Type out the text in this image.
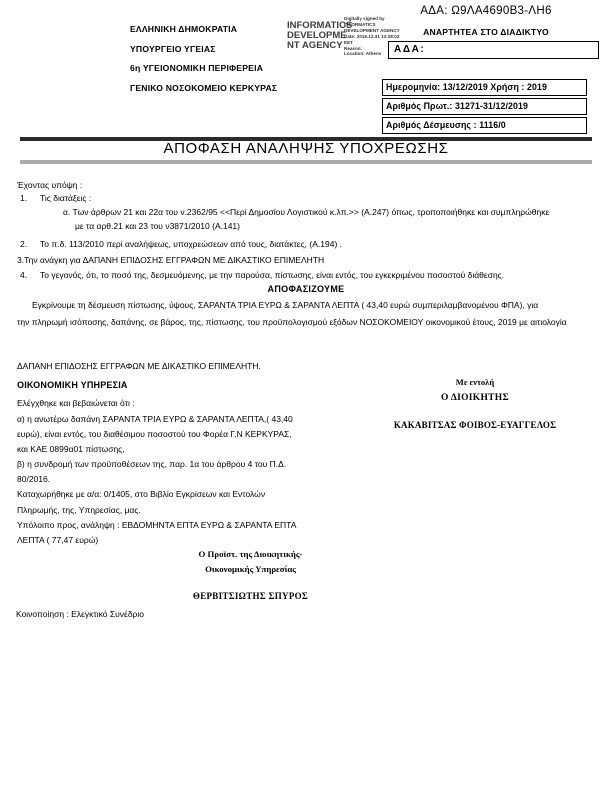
ΕΛΛΗΝΙΚΗ ΔΗΜΟΚΡΑΤΙΑ
ΥΠΟΥΡΓΕΙΟ ΥΓΕΙΑΣ
6η ΥΓΕΙΟΝΟΜΙΚΗ ΠΕΡΙΦΕΡΕΙΑ
ΓΕΝΙΚΟ ΝΟΣΟΚΟΜΕΙΟ ΚΕΡΚΥΡΑΣ
INFORMATICS DEVELOPMENT AGENCY
Digitally signed by
INFORMATICS
DEVELOPMENT AGENCY
Date: 2019.12.31 13:28:03
EET
Reason:
Location: Athens
ΑΔΑ: Ω9ΛΑ4690Β3-ΛΗ6
ΑΝΑΡΤΗΤΕΑ ΣΤΟ ΔΙΑΔΙΚΤΥΟ
ΑΔΑ:
Ημερομηνία: 13/12/2019 Χρήση : 2019
Αριθμός Πρωτ.: 31271-31/12/2019
Αριθμός Δέσμευσης : 1116/0
ΑΠΟΦΑΣΗ ΑΝΑΛΗΨΗΣ ΥΠΟΧΡΕΩΣΗΣ
Έχοντας υπόψη :
1. Τις διατάξεις :
α. Των άρθρων 21 και 22α του ν.2362/95 <<Περί Δημοσίου Λογιστικού κ.λπ.>> (Α.247) όπως, τροποποιήθηκε και συμπληρώθηκε
με τα αρθ.21 και 23 του ν3871/2010 (Α.141)
2. Το π.δ. 113/2010 περί αναλήψεως, υποχρεώσεων από τους, διατάκτες, (Α.194) .
3.Την ανάγκη για ΔΑΠΑΝΗ ΕΠΙΔΟΣΗΣ ΕΓΓΡΑΦΩΝ ΜΕ ΔΙΚΑΣΤΙΚΟ ΕΠΙΜΕΛΗΤΗ
4. Το γεγονός, ότι, το ποσό της, δεσμευόμενης, με την παρούσα, πίστωσης, είναι εντός, του εγκεκριμένου ποσοστού διάθεσης.
ΑΠΟΦΑΣΙΖΟΥΜΕ
Εγκρίνουμε τη δέσμευση πίστωσης, ύψους, ΣΑΡΑΝΤΑ ΤΡΙΑ ΕΥΡΩ & ΣΑΡΑΝΤΑ ΛΕΠΤΑ ( 43,40 ευρώ συμπεριλαμβανομένου ΦΠΑ), για
την πληρωμή ισόποσης, δαπάνης, σε βάρος, της, πίστωσης, του προϋπολογισμού εξόδων ΝΟΣΟΚΟΜΕΙΟΥ οικονομικού έτους, 2019 με αιτιολογία
ΔΑΠΑΝΗ ΕΠΙΔΟΣΗΣ ΕΓΓΡΑΦΩΝ ΜΕ ΔΙΚΑΣΤΙΚΟ ΕΠΙΜΕΛΗΤΗ.
ΟΙΚΟΝΟΜΙΚΗ ΥΠΗΡΕΣΙΑ
Ελέγχθηκε και βεβαιώνεται ότι :
α) η ανωτέρω δαπάνη ΣΑΡΑΝΤΑ ΤΡΙΑ ΕΥΡΩ & ΣΑΡΑΝΤΑ ΛΕΠΤΑ,( 43,40
ευρώ), είναι εντός, του διαθέσιμου ποσοστού του Φορέα Γ.Ν ΚΕΡΚΥΡΑΣ,
και ΚΑΕ 0899α01 πίστωσης,
β) η συνδρομή των προϋποθέσεων της, παρ. 1α του άρθρου 4 του Π.Δ.
80/2016.
Καταχωρήθηκε με α/α: 0/1405, στο Βιβλίο Εγκρίσεων και Εντολών
Πληρωμής, της, Υπηρεσίας, μας.
Υπόλοιπο προς, ανάληψη : ΕΒΔΟΜΗΝΤΑ ΕΠΤΑ ΕΥΡΩ & ΣΑΡΑΝΤΑ ΕΠΤΑ
ΛΕΠΤΑ ( 77,47 ευρώ)
Με εντολή
Ο ΔΙΟΙΚΗΤΗΣ
ΚΑΚΑΒΙΤΣΑΣ ΦΟΙΒΟΣ-ΕΥΑΓΓΕΛΟΣ
Ο Προϊστ. της Διοικητικής-
Οικονομικής Υπηρεσίας
ΘΕΡΒΙΤΣΙΩΤΗΣ ΣΠΥΡΟΣ
Κοινοποίηση : Ελεγκτικό Συνέδριο
